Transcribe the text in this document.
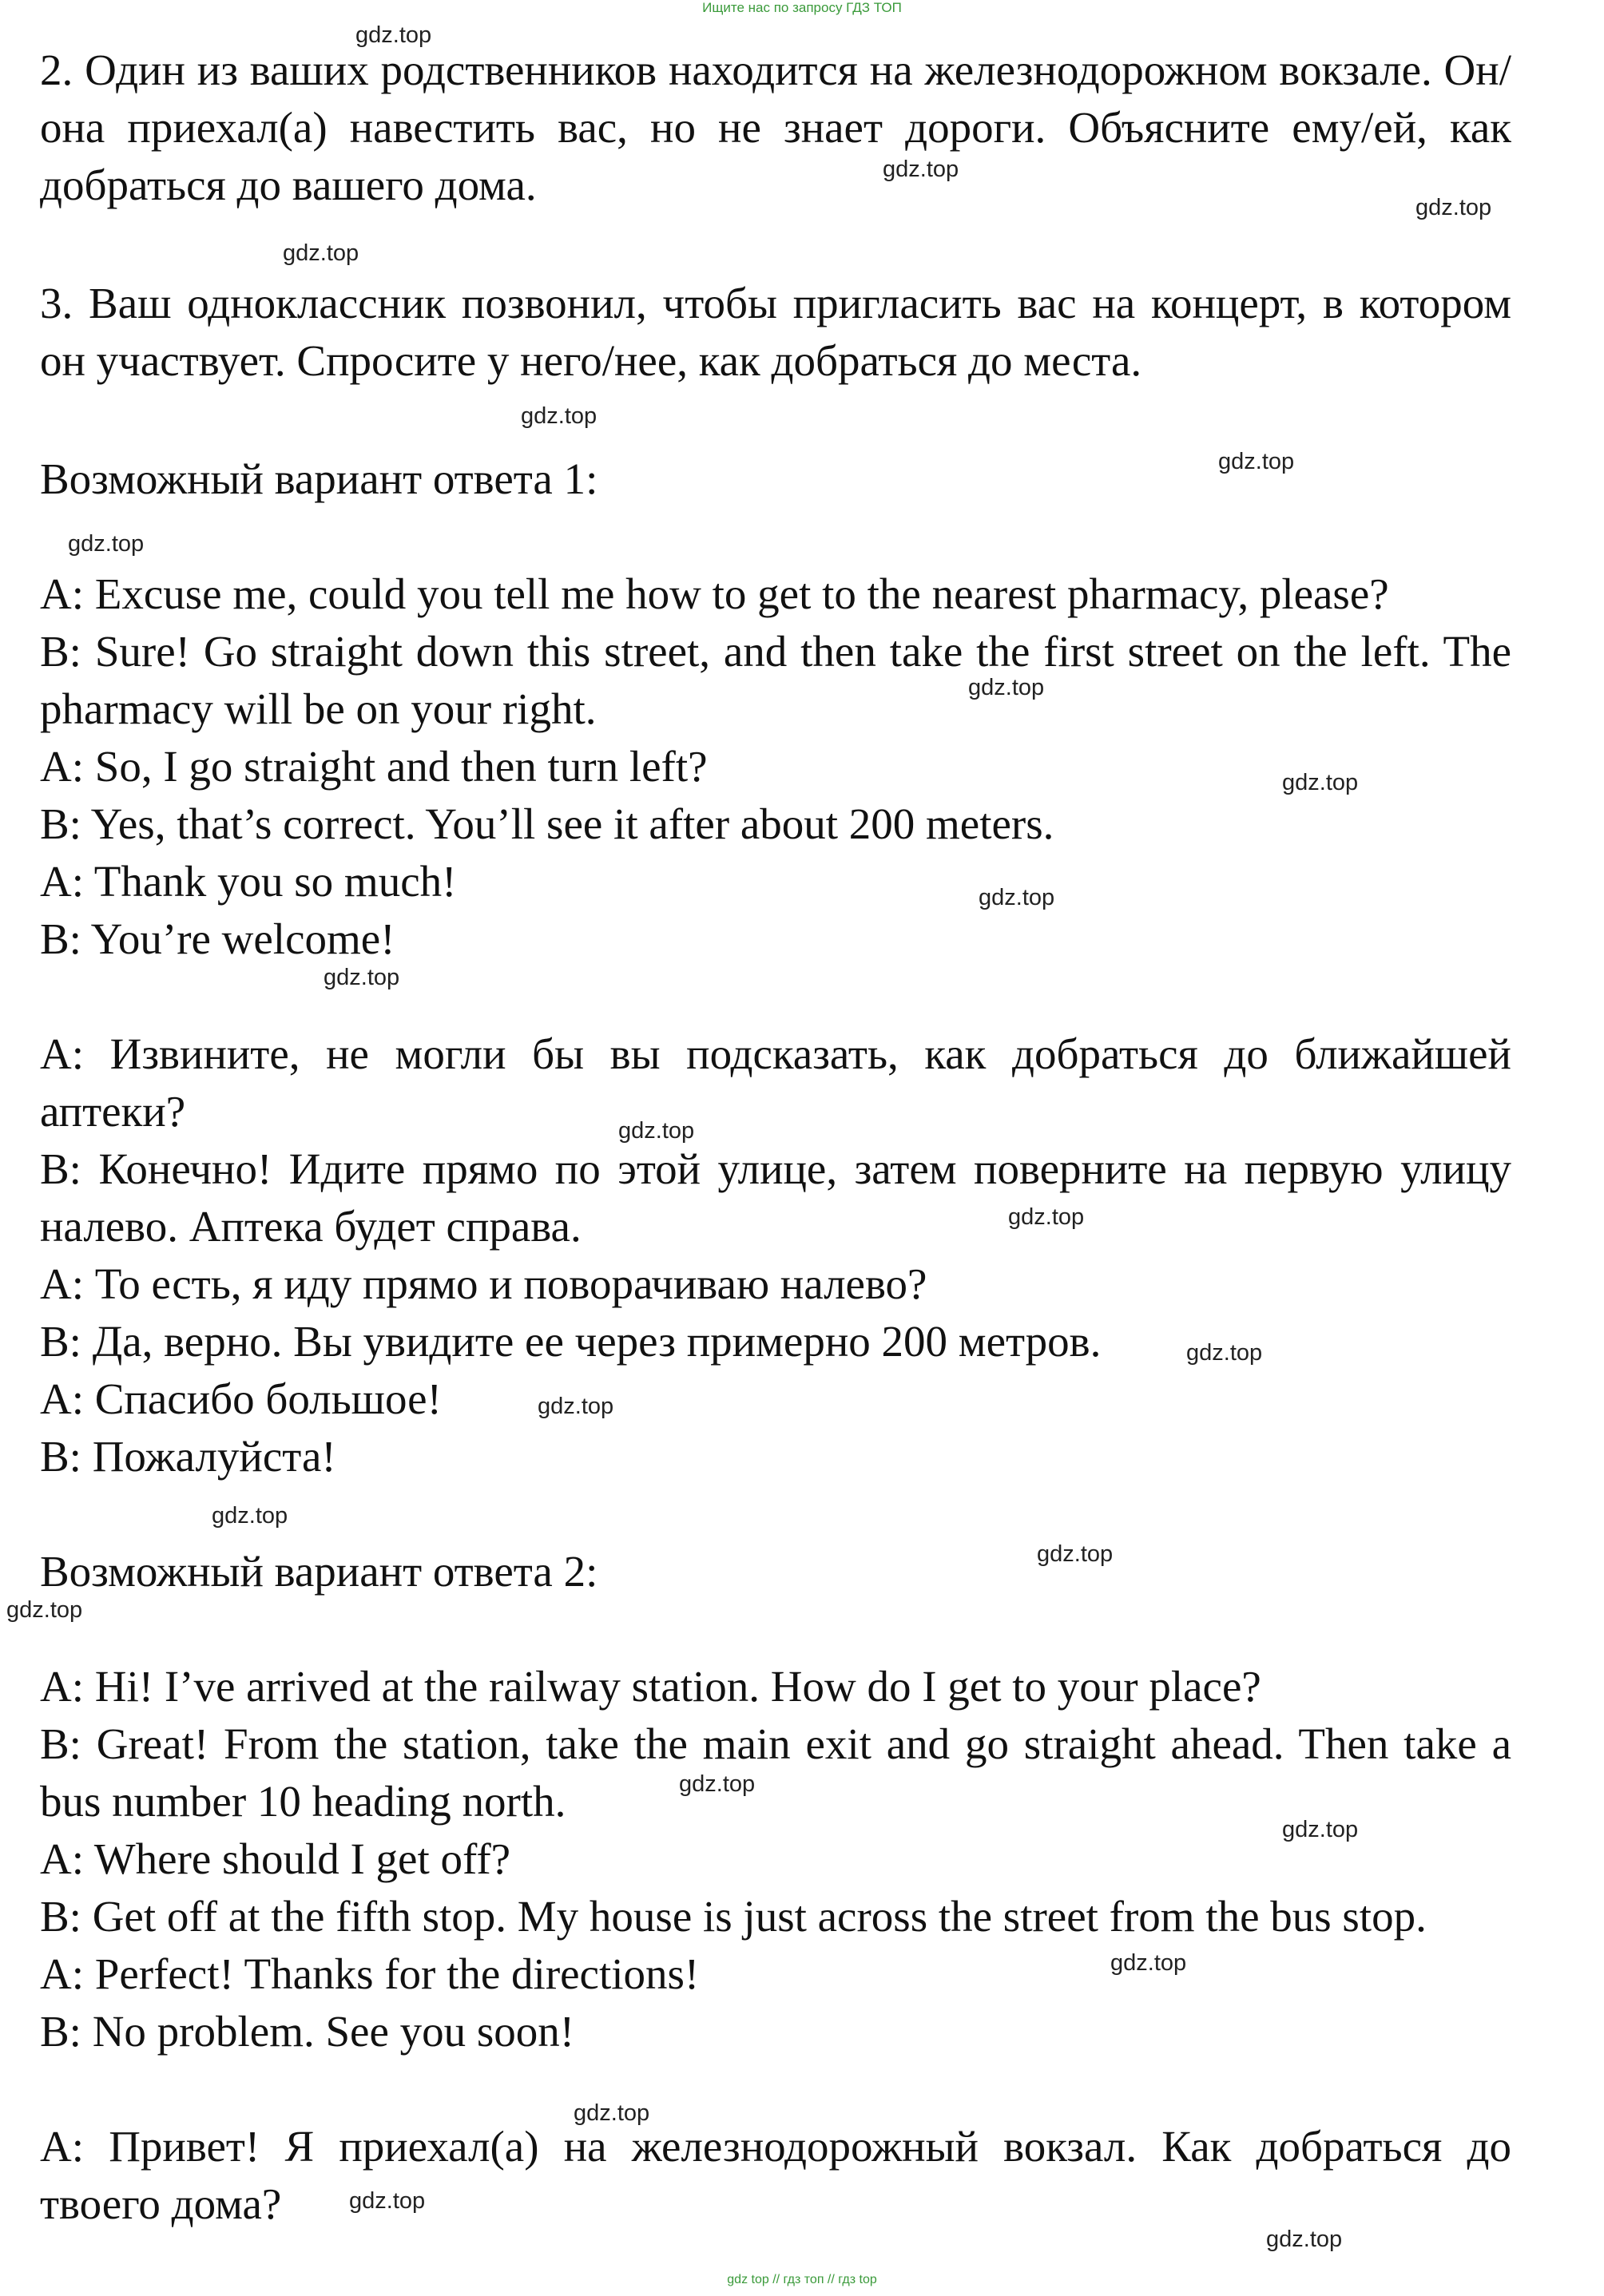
Ищите нас по запросу ГДЗ ТОП

2. Один из ваших родственников находится на железнодорожном вокзале. Он/она приехал(а) навестить вас, но не знает дороги. Объясните ему/ей, как добраться до вашего дома.

3. Ваш одноклассник позвонил, чтобы пригласить вас на концерт, в котором он участвует. Спросите у него/нее, как добраться до места.

Возможный вариант ответа 1:

A: Excuse me, could you tell me how to get to the nearest pharmacy, please?

B: Sure! Go straight down this street, and then take the first street on the left. The pharmacy will be on your right.

A: So, I go straight and then turn left?

B: Yes, that’s correct. You’ll see it after about 200 meters.

A: Thank you so much!

B: You’re welcome!

А: Извините, не могли бы вы подсказать, как добраться до ближайшей аптеки?

В: Конечно! Идите прямо по этой улице, затем поверните на первую улицу налево. Аптека будет справа.

А: То есть, я иду прямо и поворачиваю налево?

В: Да, верно. Вы увидите ее через примерно 200 метров.

А: Спасибо большое!

В: Пожалуйста!

Возможный вариант ответа 2:

A: Hi! I’ve arrived at the railway station. How do I get to your place?

B: Great! From the station, take the main exit and go straight ahead. Then take a bus number 10 heading north.

A: Where should I get off?

B: Get off at the fifth stop. My house is just across the street from the bus stop.

A: Perfect! Thanks for the directions!

B: No problem. See you soon!

А: Привет! Я приехал(а) на железнодорожный вокзал. Как добраться до твоего дома?

gdz.top
gdz.top
gdz.top
gdz.top
gdz.top
gdz.top
gdz.top
gdz.top
gdz.top
gdz.top
gdz.top
gdz.top
gdz.top
gdz.top
gdz.top
gdz.top
gdz.top
gdz.top
gdz.top
gdz.top
gdz.top
gdz.top
gdz.top
gdz.top
gdz top // гдз топ // гдз top
